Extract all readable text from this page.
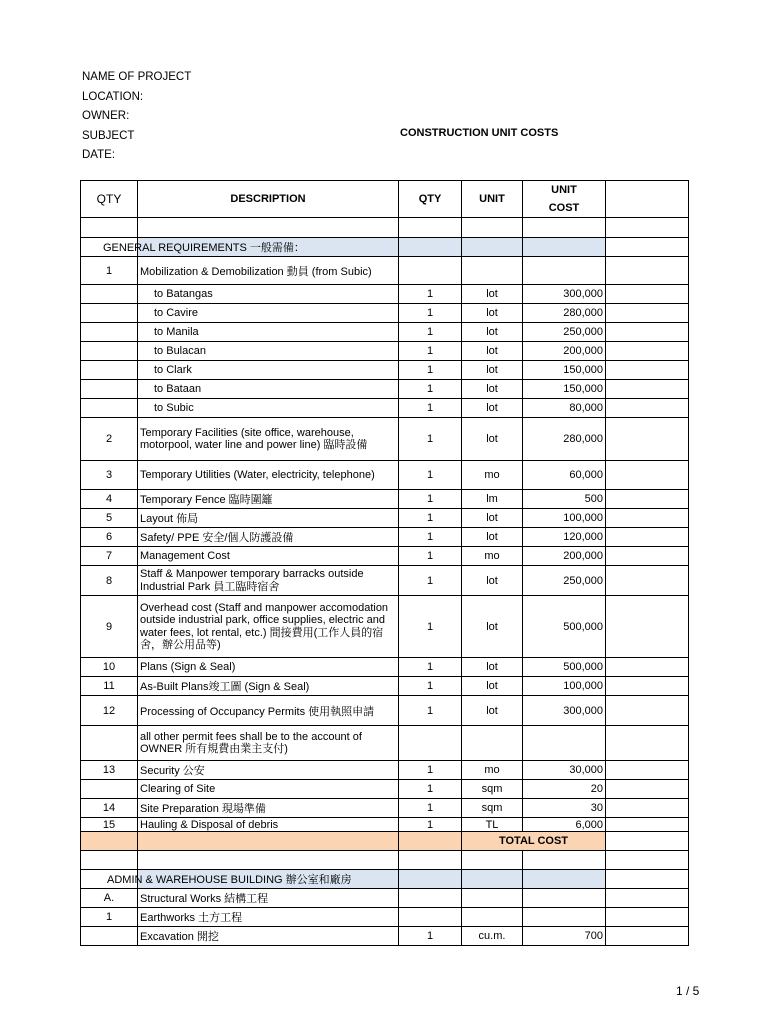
NAME OF PROJECT
LOCATION:
OWNER:
SUBJECT
DATE:
CONSTRUCTION UNIT COSTS
QTY	DESCRIPTION	QTY	UNIT	UNIT
COST	

	GENERAL REQUIREMENTS 一般需備：				
1	Mobilization & Demobilization 動員 (from Subic)				
	to Batangas	1	lot	300,000	
	to Cavire	1	lot	280,000	
	to Manila	1	lot	250,000	
	to Bulacan	1	lot	200,000	
	to Clark	1	lot	150,000	
	to Bataan	1	lot	150,000	
	to Subic	1	lot	80,000	
2	Temporary Facilities (site office, warehouse, motorpool, water line and power line) 臨時設備	1	lot	280,000	
3	Temporary Utilities (Water, electricity, telephone)	1	mo	60,000	
4	Temporary Fence 臨時圍籬	1	lm	500	
5	Layout 佈局	1	lot	100,000	
6	Safety/ PPE 安全/個人防護設備	1	lot	120,000	
7	Management Cost	1	mo	200,000	
8	Staff & Manpower temporary barracks outside Industrial Park 員工臨時宿舍	1	lot	250,000	
9	Overhead cost (Staff and manpower accomodation outside industrial park, office supplies, electric and water fees, lot rental, etc.) 間接費用(工作人員的宿舍，辦公用品等)	1	lot	500,000	
10	Plans (Sign & Seal)	1	lot	500,000	
11	As-Built Plans竣工圖 (Sign & Seal)	1	lot	100,000	
12	Processing of Occupancy Permits 使用執照申請	1	lot	300,000	
	all other permit fees shall be to the account of OWNER 所有規費由業主支付)				
13	Security 公安	1	mo	30,000	
	Clearing of Site	1	sqm	20	
14	Site Preparation 現場準備	1	sqm	30	
15	Hauling & Disposal of debris	1	TL	6,000	
			TOTAL COST		

	ADMIN & WAREHOUSE BUILDING 辦公室和廠房				
A.	Structural Works 結構工程				
1	Earthworks 土方工程				
	Excavation 開挖	1	cu.m.	700	
1 / 5
